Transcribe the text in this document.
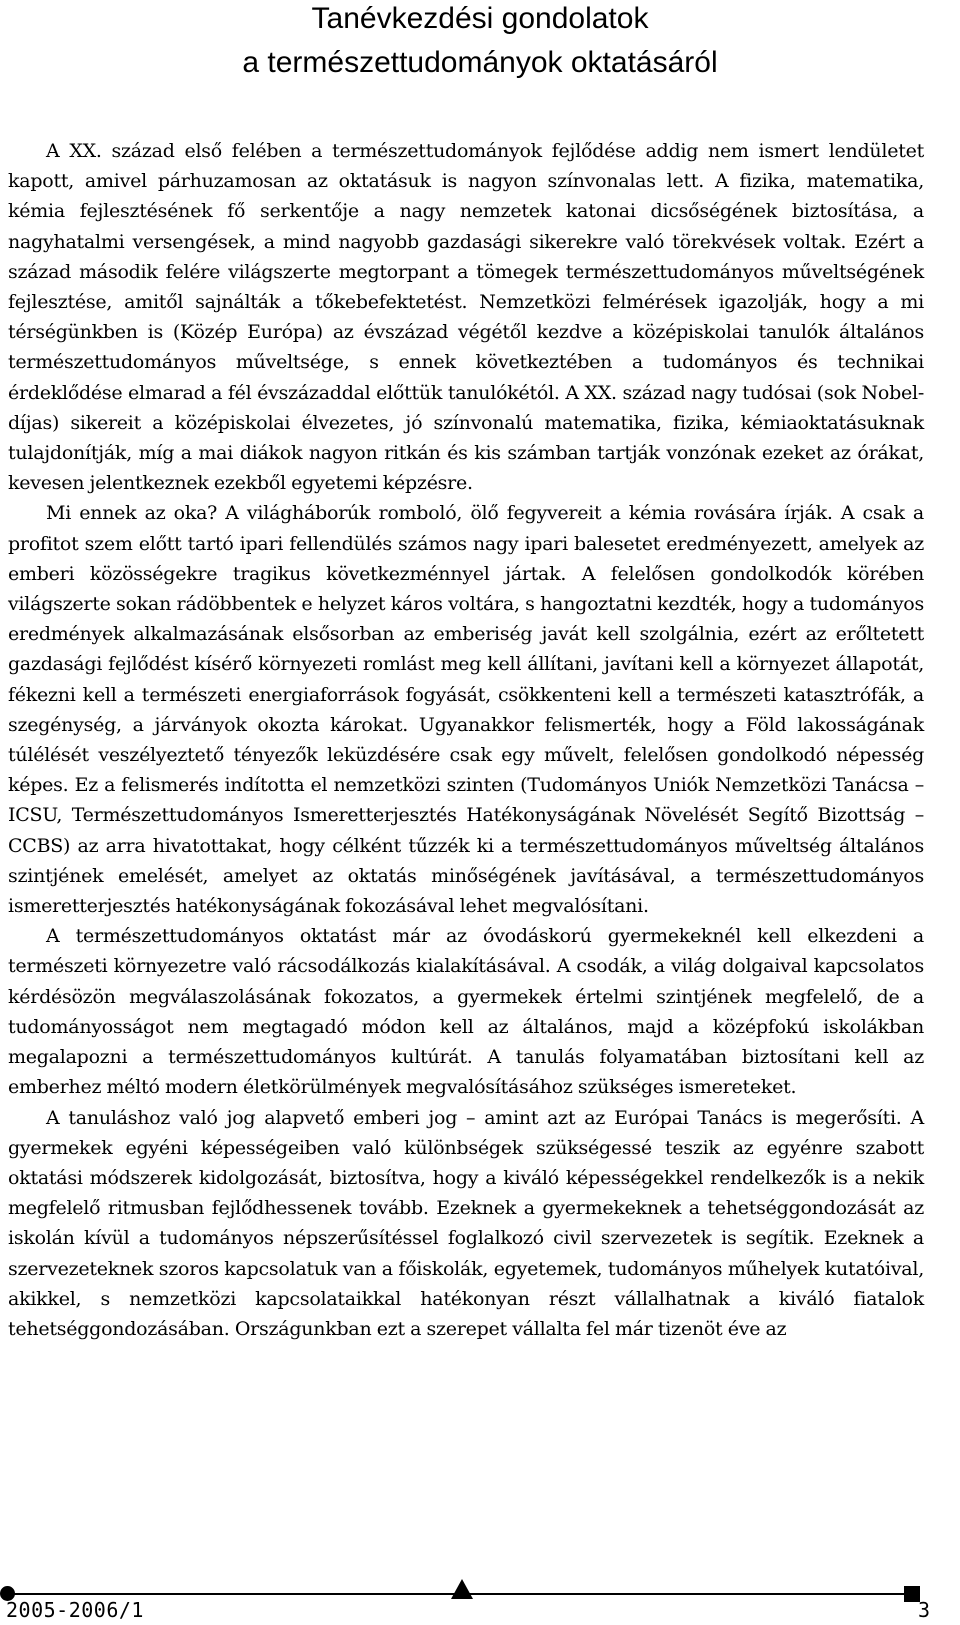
Tanévkezdési gondolatok
a természettudományok oktatásáról

A XX. század első felében a természettudományok fejlődése addig nem ismert lendületet kapott, amivel párhuzamosan az oktatásuk is nagyon színvonalas lett. A fizika, matematika, kémia fejlesztésének fő serkentője a nagy nemzetek katonai dicsőségének biztosítása, a nagyhatalmi versengések, a mind nagyobb gazdasági sikerekre való törekvések voltak. Ezért a század második felére világszerte megtorpant a tömegek természettudományos műveltségének fejlesztése, amitől sajnálták a tőkebefektetést. Nemzetközi felmérések igazolják, hogy a mi térségünkben is (Közép Európa) az évszázad végétől kezdve a középiskolai tanulók általános természettudományos műveltsége, s ennek következtében a tudományos és technikai érdeklődése elmarad a fél évszázaddal előttük tanulókétól. A XX. század nagy tudósai (sok Nobel-díjas) sikereit a középiskolai élvezetes, jó színvonalú matematika, fizika, kémiaoktatásuknak tulajdonítják, míg a mai diákok nagyon ritkán és kis számban tartják vonzónak ezeket az órákat, kevesen jelentkeznek ezekből egyetemi képzésre.

Mi ennek az oka? A világháborúk romboló, ölő fegyvereit a kémia rovására írják. A csak a profitot szem előtt tartó ipari fellendülés számos nagy ipari balesetet eredményezett, amelyek az emberi közösségekre tragikus következménnyel jártak. A felelősen gondolkodók körében világszerte sokan rádöbbentek e helyzet káros voltára, s hangoztatni kezdték, hogy a tudományos eredmények alkalmazásának elsősorban az emberiség javát kell szolgálnia, ezért az erőltetett gazdasági fejlődést kísérő környezeti romlást meg kell állítani, javítani kell a környezet állapotát, fékezni kell a természeti energiaforrások fogyását, csökkenteni kell a természeti katasztrófák, a szegénység, a járványok okozta károkat. Ugyanakkor felismerték, hogy a Föld lakosságának túlélését veszélyeztető tényezők leküzdésére csak egy művelt, felelősen gondolkodó népesség képes. Ez a felismerés indította el nemzetközi szinten (Tudományos Uniók Nemzetközi Tanácsa – ICSU, Természettudományos Ismeretterjesztés Hatékonyságának Növelését Segítő Bizottság – CCBS) az arra hivatottakat, hogy célként tűzzék ki a természettudományos műveltség általános szintjének emelését, amelyet az oktatás minőségének javításával, a természettudományos ismeretterjesztés hatékonyságának fokozásával lehet megvalósítani.

A természettudományos oktatást már az óvodáskorú gyermekeknél kell elkezdeni a természeti környezetre való rácsodálkozás kialakításával. A csodák, a világ dolgaival kapcsolatos kérdésözön megválaszolásának fokozatos, a gyermekek értelmi szintjének megfelelő, de a tudományosságot nem megtagadó módon kell az általános, majd a középfokú iskolákban megalapozni a természettudományos kultúrát. A tanulás folyamatában biztosítani kell az emberhez méltó modern életkörülmények megvalósításához szükséges ismereteket.

A tanuláshoz való jog alapvető emberi jog – amint azt az Európai Tanács is megerősíti. A gyermekek egyéni képességeiben való különbségek szükségessé teszik az egyénre szabott oktatási módszerek kidolgozását, biztosítva, hogy a kiváló képességekkel rendelkezők is a nekik megfelelő ritmusban fejlődhessenek tovább. Ezeknek a gyermekeknek a tehetséggondozását az iskolán kívül a tudományos népszerűsítéssel foglalkozó civil szervezetek is segítik. Ezeknek a szervezeteknek szoros kapcsolatuk van a főiskolák, egyetemek, tudományos műhelyek kutatóival, akikkel, s nemzetközi kapcsolataikkal hatékonyan részt vállalhatnak a kiváló fiatalok tehetséggondozásában. Országunkban ezt a szerepet vállalta fel már tizenöt éve az

2005-2006/1	3
